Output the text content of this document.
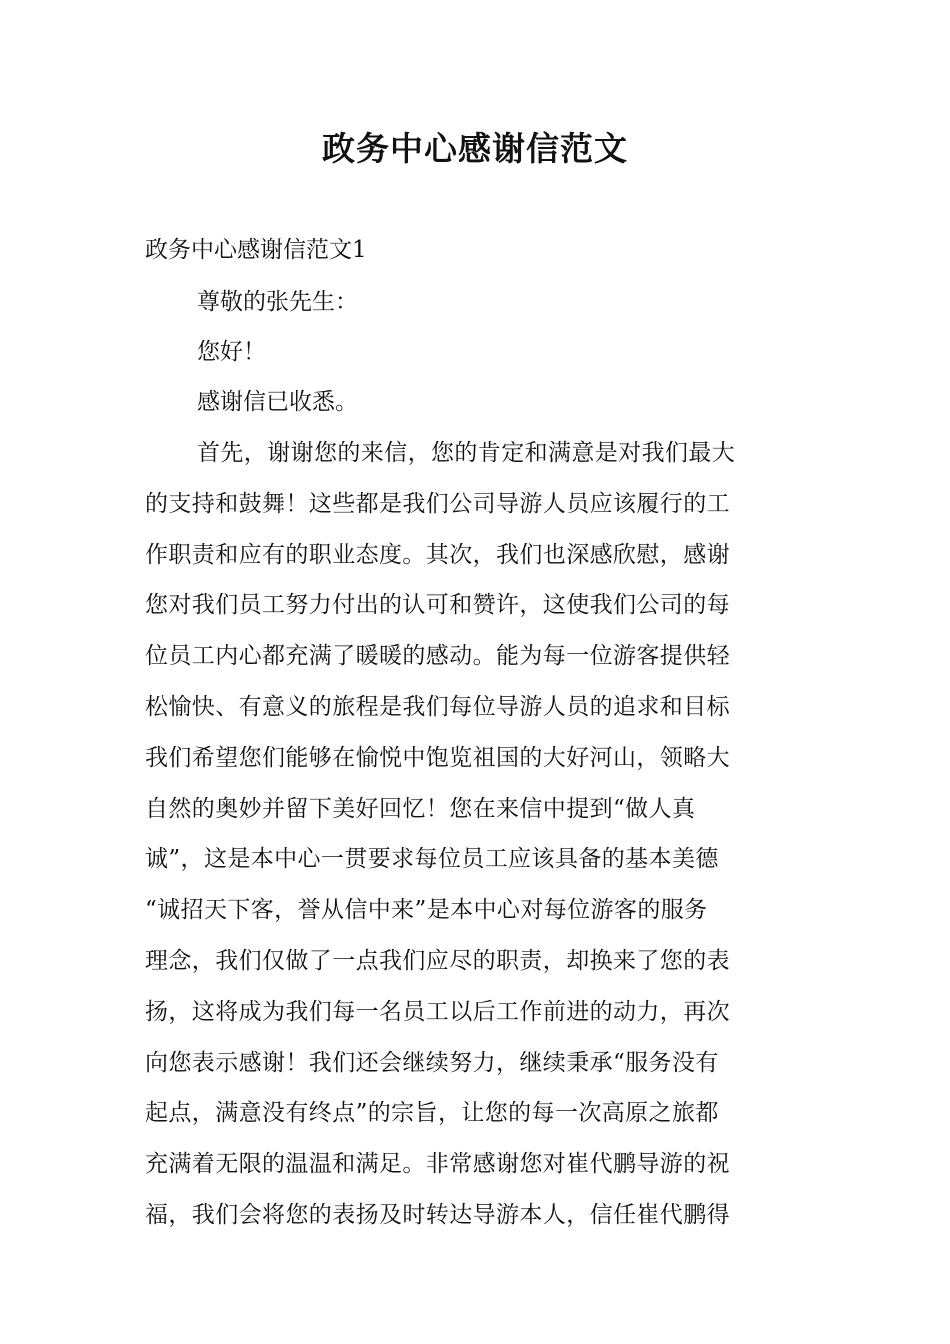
政务中心感谢信范文

政务中心感谢信范文1

尊敬的张先生：

您好！

感谢信已收悉。

首先，谢谢您的来信，您的肯定和满意是对我们最大
的支持和鼓舞！这些都是我们公司导游人员应该履行的工
作职责和应有的职业态度。其次，我们也深感欣慰，感谢
您对我们员工努力付出的认可和赞许，这使我们公司的每
位员工内心都充满了暖暖的感动。能为每一位游客提供轻
松愉快、有意义的旅程是我们每位导游人员的追求和目标
我们希望您们能够在愉悦中饱览祖国的大好河山，领略大
自然的奥妙并留下美好回忆！您在来信中提到“做人真
诚”，这是本中心一贯要求每位员工应该具备的基本美德
“诚招天下客，誉从信中来”是本中心对每位游客的服务
理念，我们仅做了一点我们应尽的职责，却换来了您的表
扬，这将成为我们每一名员工以后工作前进的动力，再次
向您表示感谢！我们还会继续努力，继续秉承“服务没有
起点，满意没有终点”的宗旨，让您的每一次高原之旅都
充满着无限的温温和满足。非常感谢您对崔代鹏导游的祝
福，我们会将您的表扬及时转达导游本人，信任崔代鹏得
